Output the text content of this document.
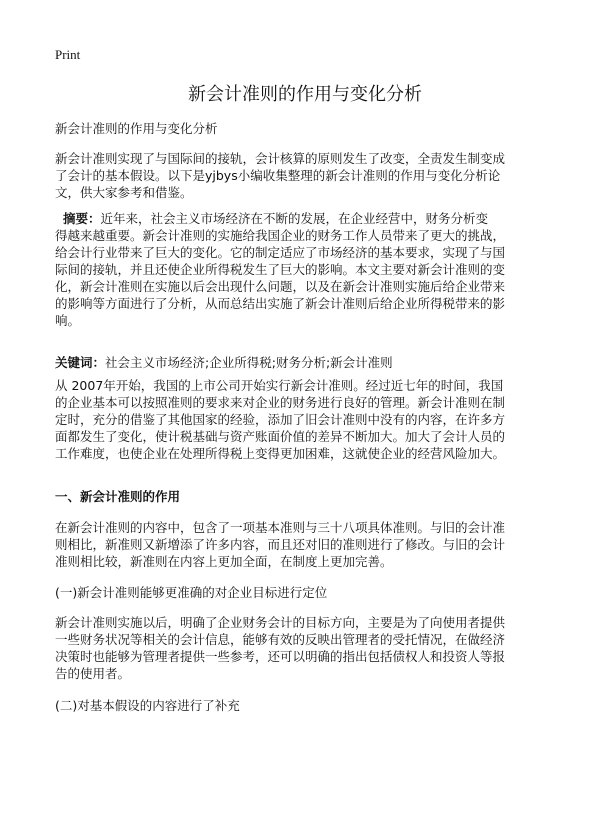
Print
新会计准则的作用与变化分析
新会计准则的作用与变化分析
新会计准则实现了与国际间的接轨，会计核算的原则发生了改变，全责发生制变成
了会计的基本假设。以下是yjbys小编收集整理的新会计准则的作用与变化分析论
文，供大家参考和借鉴。
摘要：近年来，社会主义市场经济在不断的发展，在企业经营中，财务分析变
得越来越重要。新会计准则的实施给我国企业的财务工作人员带来了更大的挑战，
给会计行业带来了巨大的变化。它的制定适应了市场经济的基本要求，实现了与国
际间的接轨，并且还使企业所得税发生了巨大的影响。本文主要对新会计准则的变
化，新会计准则在实施以后会出现什么问题，以及在新会计准则实施后给企业带来
的影响等方面进行了分析，从而总结出实施了新会计准则后给企业所得税带来的影
响。
关键词：社会主义市场经济;企业所得税;财务分析;新会计准则
从 2007年开始，我国的上市公司开始实行新会计准则。经过近七年的时间，我国
的企业基本可以按照准则的要求来对企业的财务进行良好的管理。新会计准则在制
定时，充分的借鉴了其他国家的经验，添加了旧会计准则中没有的内容，在许多方
面都发生了变化，使计税基础与资产账面价值的差异不断加大。加大了会计人员的
工作难度，也使企业在处理所得税上变得更加困难，这就使企业的经营风险加大。
一、新会计准则的作用
在新会计准则的内容中，包含了一项基本准则与三十八项具体准则。与旧的会计准
则相比，新准则又新增添了许多内容，而且还对旧的准则进行了修改。与旧的会计
准则相比较，新准则在内容上更加全面，在制度上更加完善。
(一)新会计准则能够更准确的对企业目标进行定位
新会计准则实施以后，明确了企业财务会计的目标方向，主要是为了向使用者提供
一些财务状况等相关的会计信息，能够有效的反映出管理者的受托情况，在做经济
决策时也能够为管理者提供一些参考，还可以明确的指出包括债权人和投资人等报
告的使用者。
(二)对基本假设的内容进行了补充
